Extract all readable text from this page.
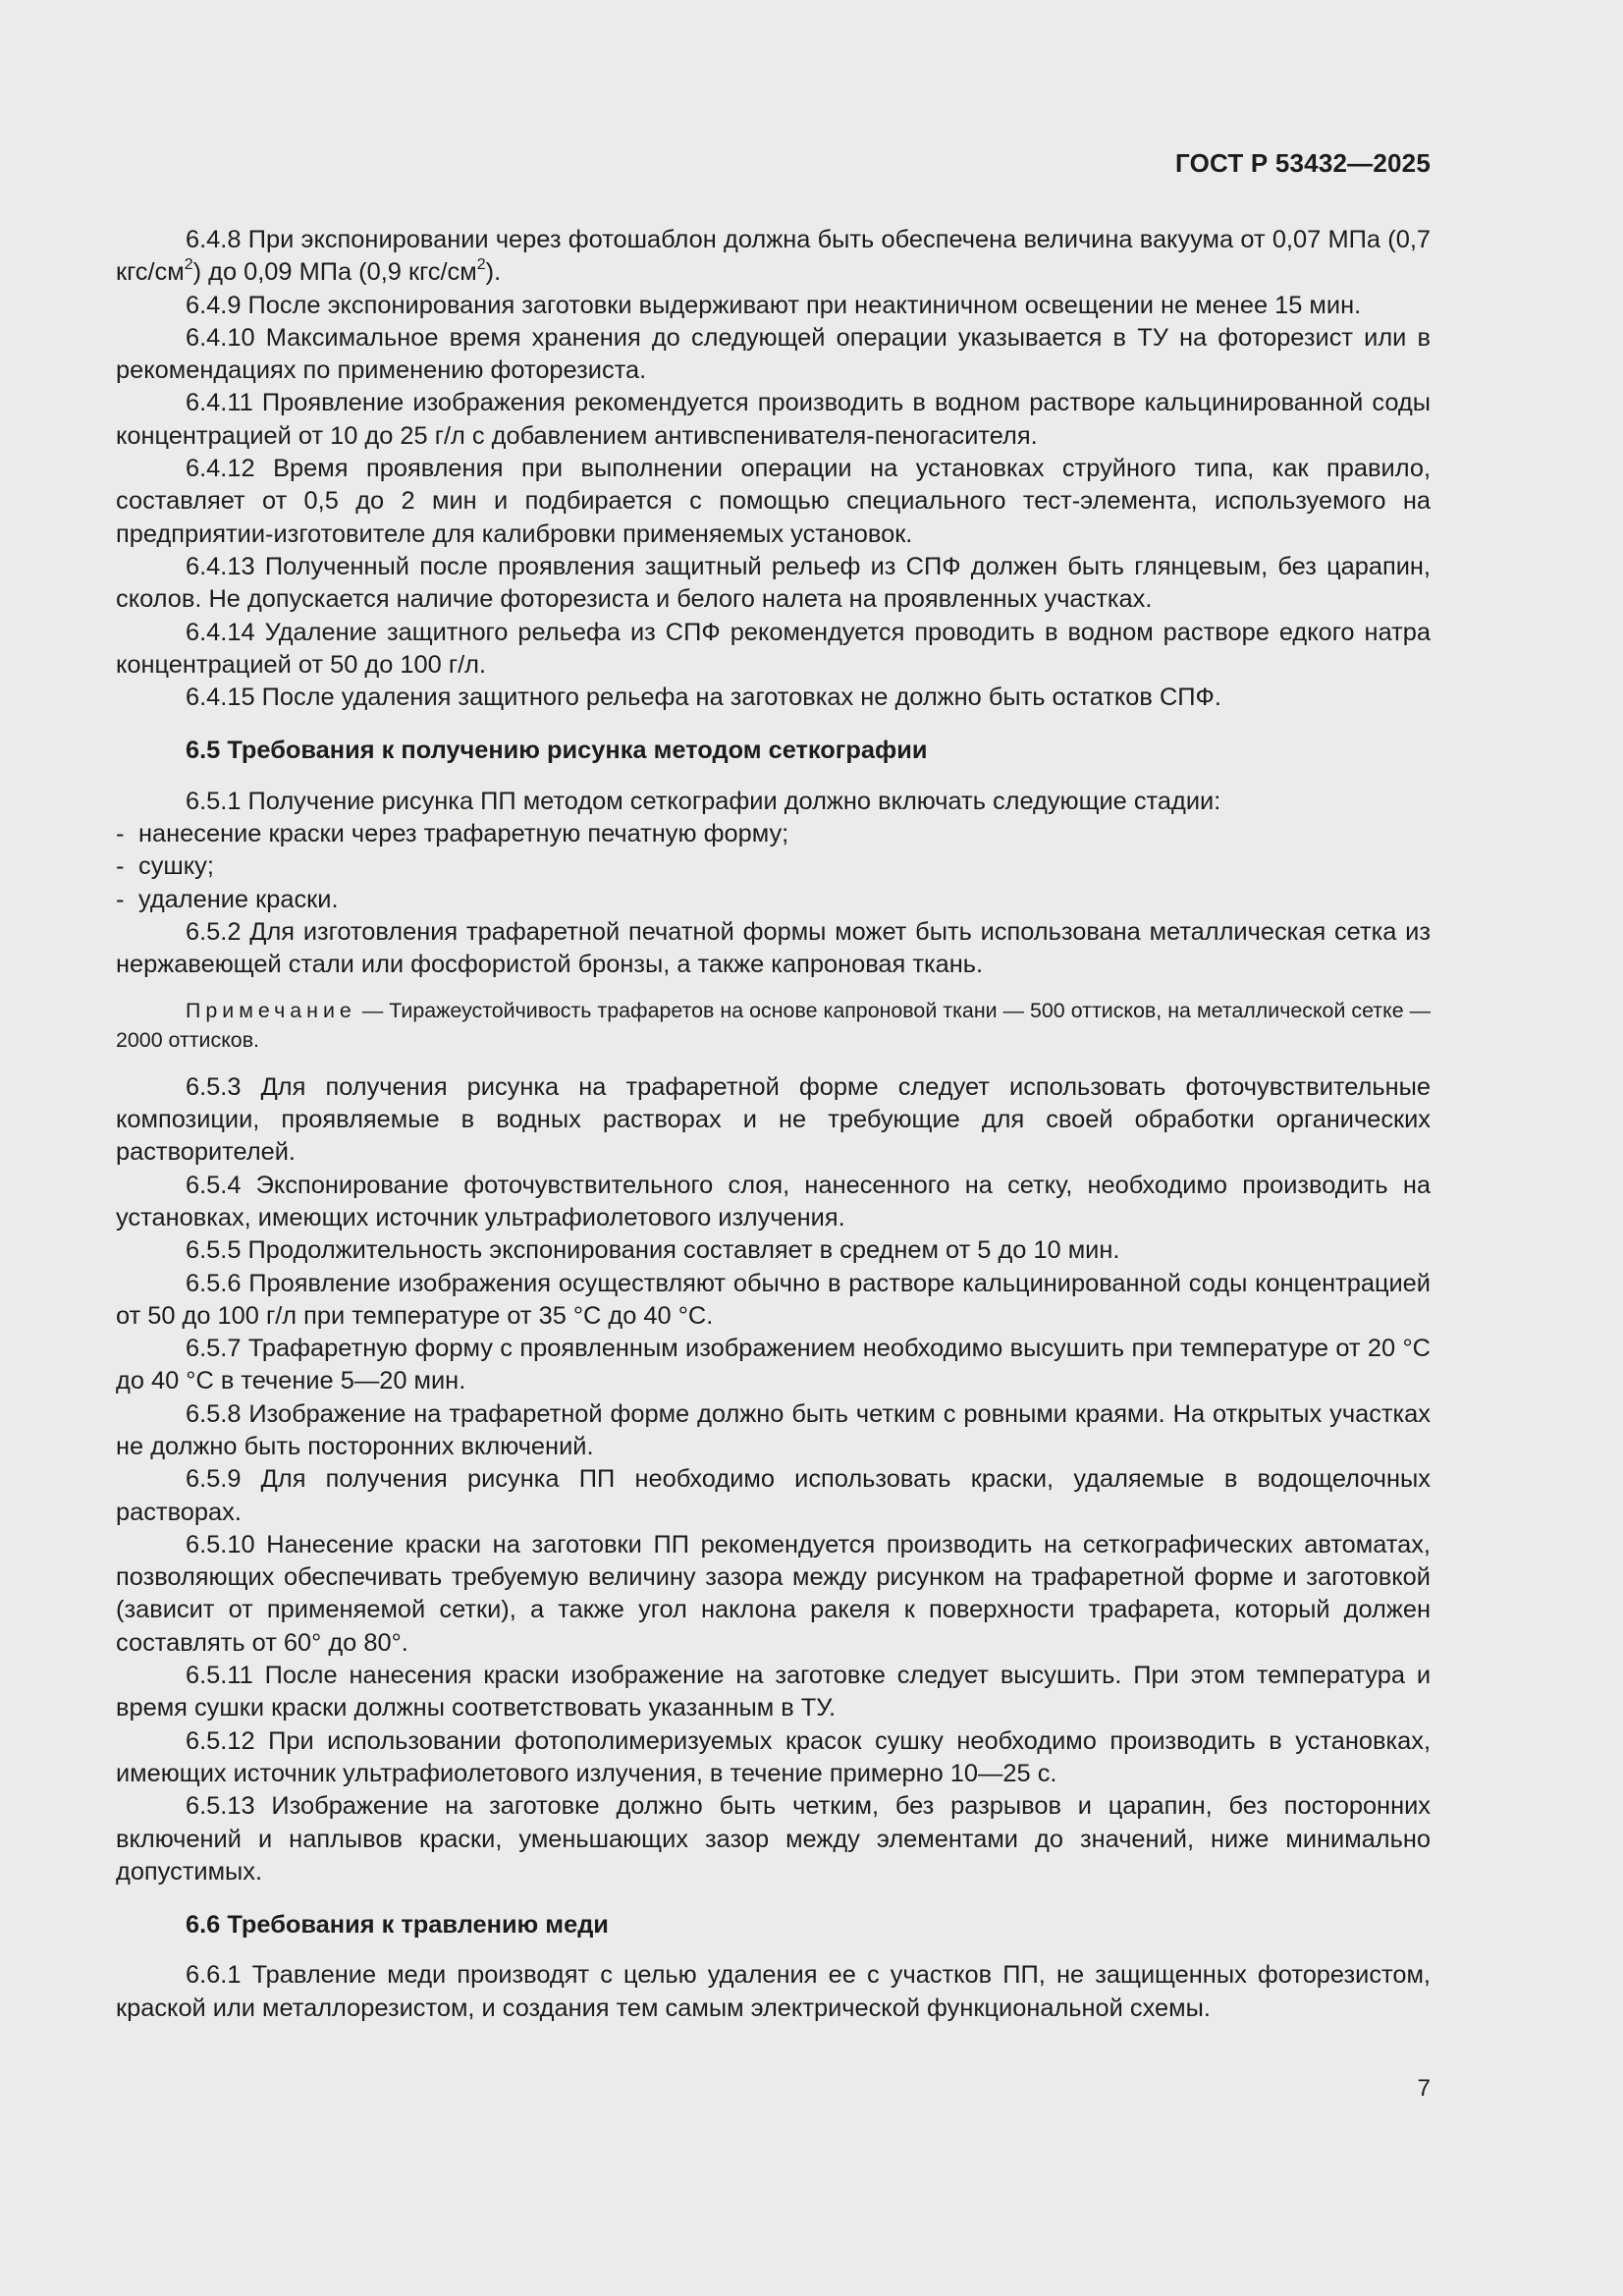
ГОСТ Р 53432—2025

6.4.8 При экспонировании через фотошаблон должна быть обеспечена величина вакуума от 0,07 МПа (0,7 кгс/$см^2$) до 0,09 МПа (0,9 кгс/$см^2$).

6.4.9 После экспонирования заготовки выдерживают при неактиничном освещении не менее 15 мин.

6.4.10 Максимальное время хранения до следующей операции указывается в ТУ на фоторезист или в рекомендациях по применению фоторезиста.

6.4.11 Проявление изображения рекомендуется производить в водном растворе кальцинированной соды концентрацией от 10 до 25 г/л с добавлением антивспенивателя-пеногасителя.

6.4.12 Время проявления при выполнении операции на установках струйного типа, как правило, составляет от 0,5 до 2 мин и подбирается с помощью специального тест-элемента, используемого на предприятии-изготовителе для калибровки применяемых установок.

6.4.13 Полученный после проявления защитный рельеф из СПФ должен быть глянцевым, без царапин, сколов. Не допускается наличие фоторезиста и белого налета на проявленных участках.

6.4.14 Удаление защитного рельефа из СПФ рекомендуется проводить в водном растворе едкого натра концентрацией от 50 до 100 г/л.

6.4.15 После удаления защитного рельефа на заготовках не должно быть остатков СПФ.

6.5 Требования к получению рисунка методом сеткографии

6.5.1 Получение рисунка ПП методом сеткографии должно включать следующие стадии:

- нанесение краски через трафаретную печатную форму;

- сушку;

- удаление краски.

6.5.2 Для изготовления трафаретной печатной формы может быть использована металлическая сетка из нержавеющей стали или фосфористой бронзы, а также капроновая ткань.

Примечание — Тиражеустойчивость трафаретов на основе капроновой ткани — 500 оттисков, на металлической сетке — 2000 оттисков.

6.5.3 Для получения рисунка на трафаретной форме следует использовать фоточувствительные композиции, проявляемые в водных растворах и не требующие для своей обработки органических растворителей.

6.5.4 Экспонирование фоточувствительного слоя, нанесенного на сетку, необходимо производить на установках, имеющих источник ультрафиолетового излучения.

6.5.5 Продолжительность экспонирования составляет в среднем от 5 до 10 мин.

6.5.6 Проявление изображения осуществляют обычно в растворе кальцинированной соды концентрацией от 50 до 100 г/л при температуре от 35 °С до 40 °С.

6.5.7 Трафаретную форму с проявленным изображением необходимо высушить при температуре от 20 °С до 40 °С в течение 5—20 мин.

6.5.8 Изображение на трафаретной форме должно быть четким с ровными краями. На открытых участках не должно быть посторонних включений.

6.5.9 Для получения рисунка ПП необходимо использовать краски, удаляемые в водощелочных растворах.

6.5.10 Нанесение краски на заготовки ПП рекомендуется производить на сеткографических автоматах, позволяющих обеспечивать требуемую величину зазора между рисунком на трафаретной форме и заготовкой (зависит от применяемой сетки), а также угол наклона ракеля к поверхности трафарета, который должен составлять от 60° до 80°.

6.5.11 После нанесения краски изображение на заготовке следует высушить. При этом температура и время сушки краски должны соответствовать указанным в ТУ.

6.5.12 При использовании фотополимеризуемых красок сушку необходимо производить в установках, имеющих источник ультрафиолетового излучения, в течение примерно 10—25 с.

6.5.13 Изображение на заготовке должно быть четким, без разрывов и царапин, без посторонних включений и наплывов краски, уменьшающих зазор между элементами до значений, ниже минимально допустимых.

6.6 Требования к травлению меди

6.6.1 Травление меди производят с целью удаления ее с участков ПП, не защищенных фоторезистом, краской или металлорезистом, и создания тем самым электрической функциональной схемы.

7
